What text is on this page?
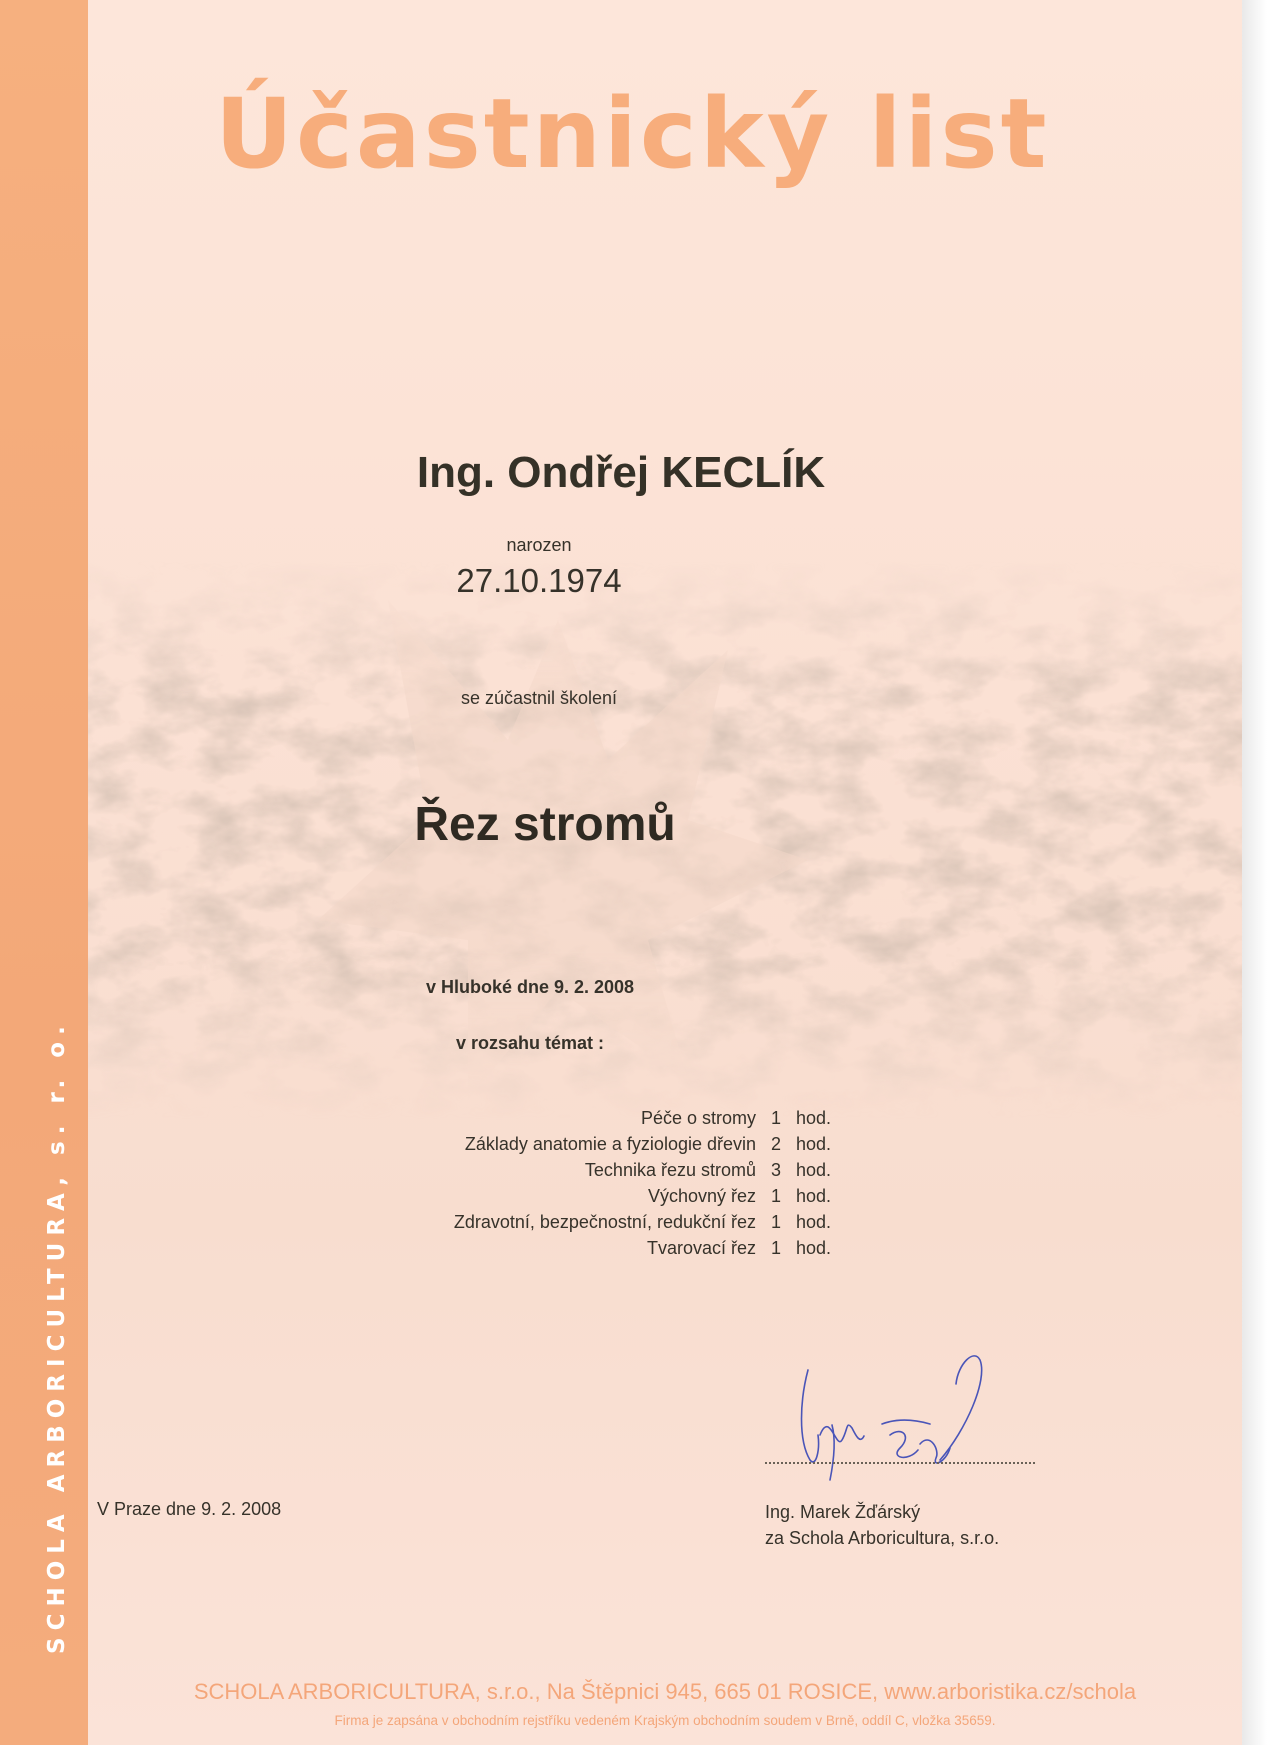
SCHOLA ARBORICULTURA, s. r. o.
Účastnický list
Ing. Ondřej KECLÍK
narozen
27.10.1974
se zúčastnil školení
Řez stromů
v Hluboké dne 9. 2. 2008
v rozsahu témat :
Péče o stromy	1	hod.
Základy anatomie a fyziologie dřevin	2	hod.
Technika řezu stromů	3	hod.
Výchovný řez	1	hod.
Zdravotní, bezpečnostní, redukční řez	1	hod.
Tvarovací řez	1	hod.
V Praze dne 9. 2. 2008	Ing. Marek Žďárský
za Schola Arboricultura, s.r.o.
SCHOLA ARBORICULTURA, s.r.o., Na Štěpnici 945, 665 01 ROSICE, www.arboristika.cz/schola
Firma je zapsána v obchodním rejstříku vedeném Krajským obchodním soudem v Brně, oddíl C, vložka 35659.
